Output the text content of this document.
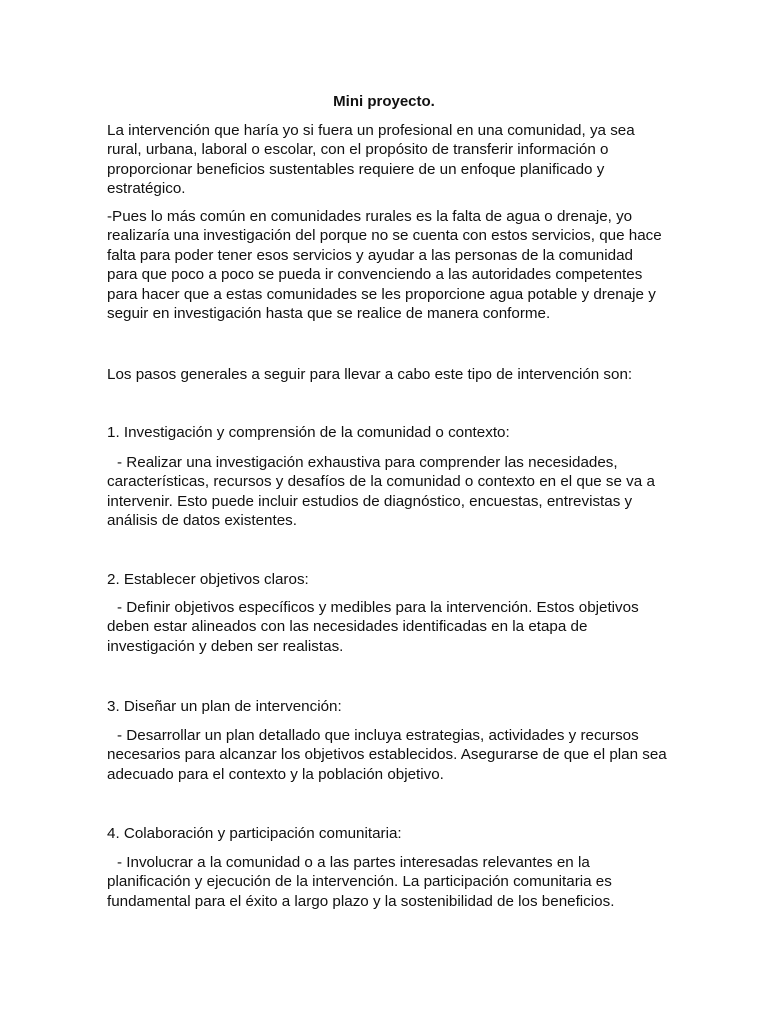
Mini proyecto.
La intervención que haría yo si fuera un profesional en una comunidad, ya sea rural, urbana, laboral o escolar, con el propósito de transferir información o proporcionar beneficios sustentables requiere de un enfoque planificado y estratégico.
-Pues lo más común en comunidades rurales es la falta de agua o drenaje, yo realizaría una investigación del porque no se cuenta con estos servicios, que hace falta para poder tener esos servicios y ayudar a las personas de la comunidad para que poco a poco se pueda ir convenciendo a las autoridades competentes para hacer que a estas comunidades se les proporcione agua potable y drenaje y seguir en investigación hasta que se realice de manera conforme.
Los pasos generales a seguir para llevar a cabo este tipo de intervención son:
1. Investigación y comprensión de la comunidad o contexto:
- Realizar una investigación exhaustiva para comprender las necesidades, características, recursos y desafíos de la comunidad o contexto en el que se va a intervenir. Esto puede incluir estudios de diagnóstico, encuestas, entrevistas y análisis de datos existentes.
2. Establecer objetivos claros:
- Definir objetivos específicos y medibles para la intervención. Estos objetivos deben estar alineados con las necesidades identificadas en la etapa de investigación y deben ser realistas.
3. Diseñar un plan de intervención:
- Desarrollar un plan detallado que incluya estrategias, actividades y recursos necesarios para alcanzar los objetivos establecidos. Asegurarse de que el plan sea adecuado para el contexto y la población objetivo.
4. Colaboración y participación comunitaria:
- Involucrar a la comunidad o a las partes interesadas relevantes en la planificación y ejecución de la intervención. La participación comunitaria es fundamental para el éxito a largo plazo y la sostenibilidad de los beneficios.
